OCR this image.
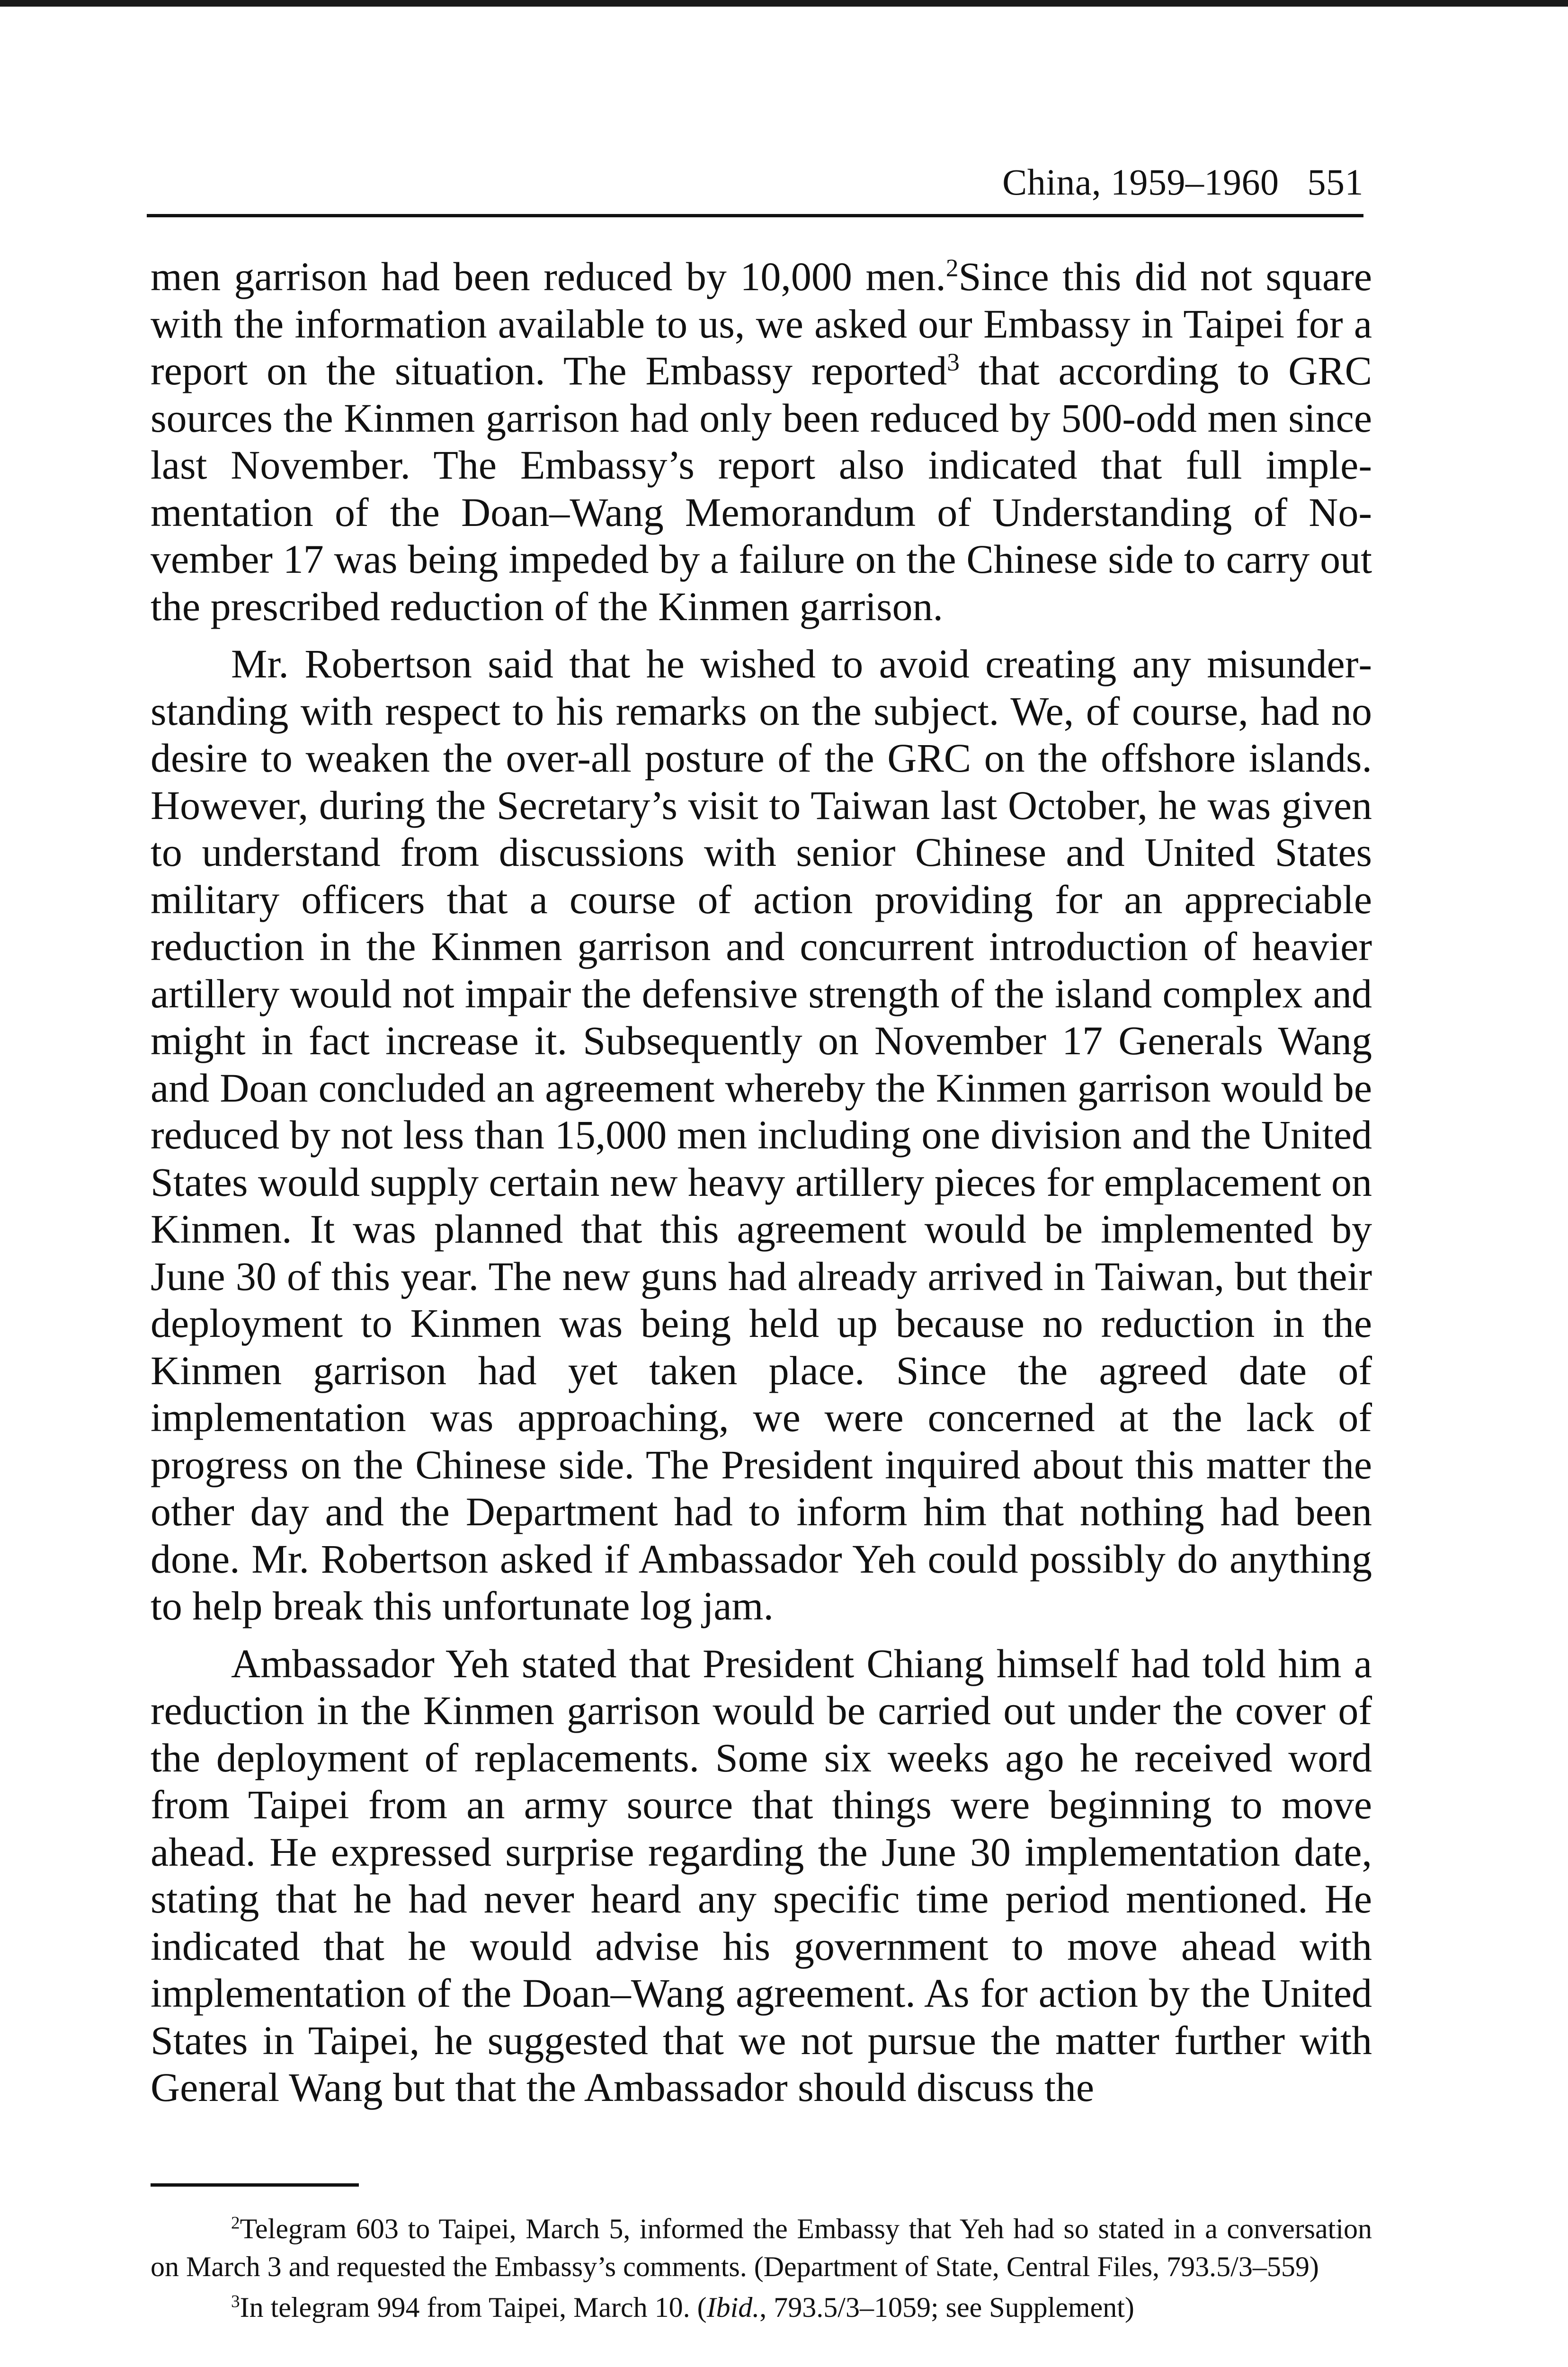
China, 1959–1960 551

men garrison had been reduced by 10,000 men.$^2$Since this did not square with the information available to us, we asked our Embassy in Taipei for a report on the situation. The Embassy reported$^3$ that according to GRC sources the Kinmen garrison had only been reduced by 500-odd men since last November. The Embassy’s report also indicated that full implementation of the Doan–Wang Memorandum of Understanding of November 17 was being impeded by a failure on the Chinese side to carry out the prescribed reduction of the Kinmen garrison.

Mr. Robertson said that he wished to avoid creating any misunderstanding with respect to his remarks on the subject. We, of course, had no desire to weaken the over-all posture of the GRC on the offshore islands. However, during the Secretary’s visit to Taiwan last October, he was given to understand from discussions with senior Chinese and United States military officers that a course of action providing for an appreciable reduction in the Kinmen garrison and concurrent introduction of heavier artillery would not impair the defensive strength of the island complex and might in fact increase it. Subsequently on November 17 Generals Wang and Doan concluded an agreement whereby the Kinmen garrison would be reduced by not less than 15,000 men including one division and the United States would supply certain new heavy artillery pieces for emplacement on Kinmen. It was planned that this agreement would be implemented by June 30 of this year. The new guns had already arrived in Taiwan, but their deployment to Kinmen was being held up because no reduction in the Kinmen garrison had yet taken place. Since the agreed date of implementation was approaching, we were concerned at the lack of progress on the Chinese side. The President inquired about this matter the other day and the Department had to inform him that nothing had been done. Mr. Robertson asked if Ambassador Yeh could possibly do anything to help break this unfortunate log jam.

Ambassador Yeh stated that President Chiang himself had told him a reduction in the Kinmen garrison would be carried out under the cover of the deployment of replacements. Some six weeks ago he received word from Taipei from an army source that things were beginning to move ahead. He expressed surprise regarding the June 30 implementation date, stating that he had never heard any specific time period mentioned. He indicated that he would advise his government to move ahead with implementation of the Doan–Wang agreement. As for action by the United States in Taipei, he suggested that we not pursue the matter further with General Wang but that the Ambassador should discuss the

$^2$Telegram 603 to Taipei, March 5, informed the Embassy that Yeh had so stated in a conversation on March 3 and requested the Embassy’s comments. (Department of State, Central Files, 793.5/3–559)

$^3$In telegram 994 from Taipei, March 10. (Ibid., 793.5/3–1059; see Supplement)
